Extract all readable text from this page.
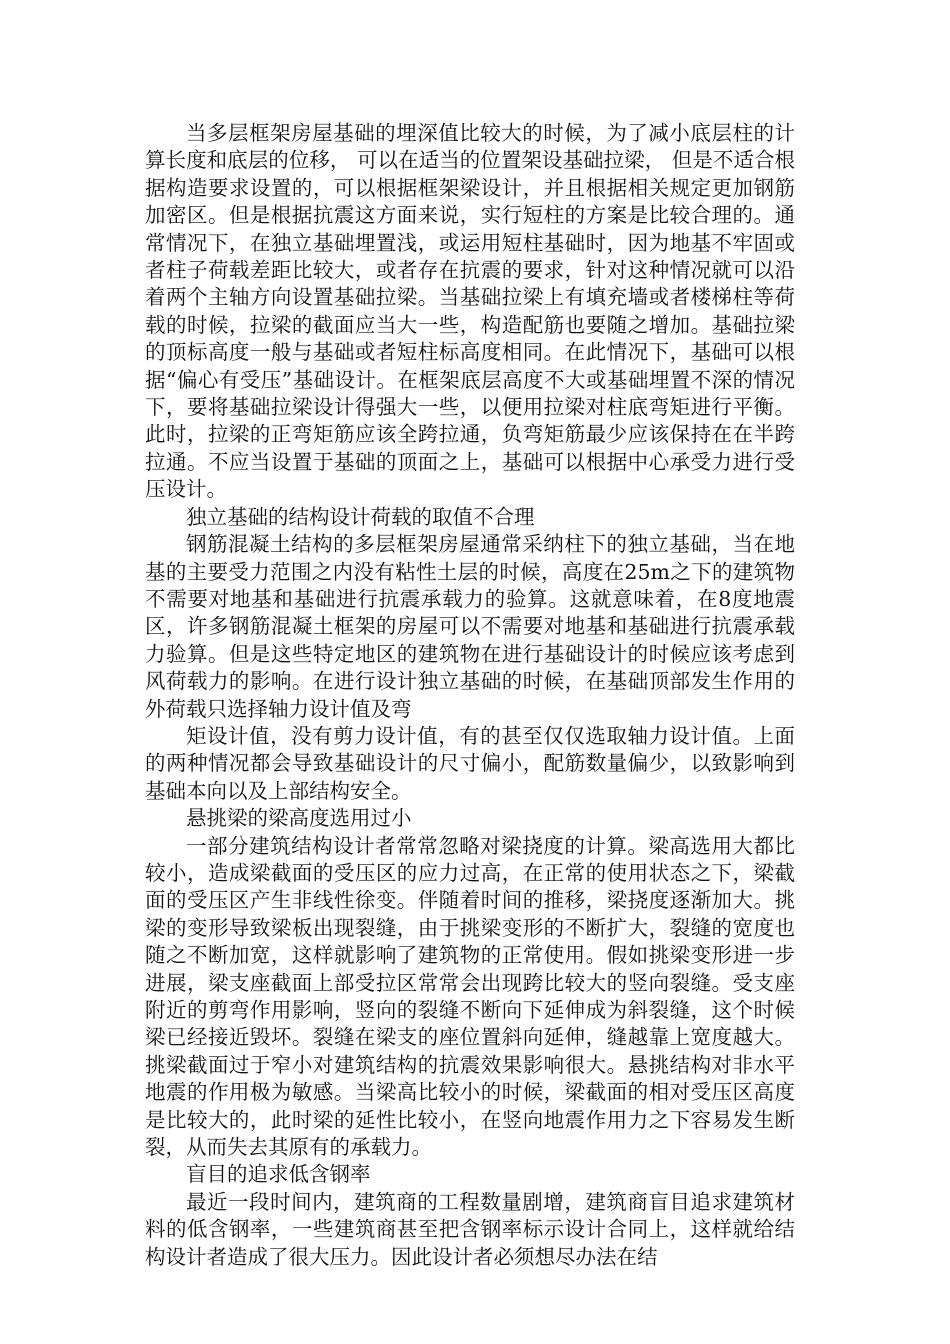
当多层框架房屋基础的埋深值比较大的时候，为了减小底层柱的计算长度和底层的位移， 可以在适当的位置架设基础拉梁， 但是不适合根据构造要求设置的，可以根据框架梁设计，并且根据相关规定更加钢筋加密区。但是根据抗震这方面来说，实行短柱的方案是比较合理的。通常情况下，在独立基础埋置浅，或运用短柱基础时，因为地基不牢固或者柱子荷载差距比较大，或者存在抗震的要求，针对这种情况就可以沿着两个主轴方向设置基础拉梁。当基础拉梁上有填充墙或者楼梯柱等荷载的时候，拉梁的截面应当大一些，构造配筋也要随之增加。基础拉梁的顶标高度一般与基础或者短柱标高度相同。在此情况下，基础可以根据“偏心有受压”基础设计。在框架底层高度不大或基础埋置不深的情况下，要将基础拉梁设计得强大一些，以便用拉梁对柱底弯矩进行平衡。此时，拉梁的正弯矩筋应该全跨拉通，负弯矩筋最少应该保持在在半跨拉通。不应当设置于基础的顶面之上，基础可以根据中心承受力进行受压设计。

独立基础的结构设计荷载的取值不合理

钢筋混凝土结构的多层框架房屋通常采纳柱下的独立基础，当在地基的主要受力范围之内没有粘性土层的时候，高度在25m之下的建筑物不需要对地基和基础进行抗震承载力的验算。这就意味着，在8度地震区，许多钢筋混凝土框架的房屋可以不需要对地基和基础进行抗震承载力验算。但是这些特定地区的建筑物在进行基础设计的时候应该考虑到风荷载力的影响。在进行设计独立基础的时候，在基础顶部发生作用的外荷载只选择轴力设计值及弯

矩设计值，没有剪力设计值，有的甚至仅仅选取轴力设计值。上面的两种情况都会导致基础设计的尺寸偏小，配筋数量偏少，以致影响到基础本向以及上部结构安全。

悬挑梁的梁高度选用过小

一部分建筑结构设计者常常忽略对梁挠度的计算。梁高选用大都比较小，造成梁截面的受压区的应力过高，在正常的使用状态之下，梁截面的受压区产生非线性徐变。伴随着时间的推移，梁挠度逐渐加大。挑梁的变形导致梁板出现裂缝，由于挑梁变形的不断扩大，裂缝的宽度也随之不断加宽，这样就影响了建筑物的正常使用。假如挑梁变形进一步进展，梁支座截面上部受拉区常常会出现跨比较大的竖向裂缝。受支座附近的剪弯作用影响，竖向的裂缝不断向下延伸成为斜裂缝，这个时候梁已经接近毁坏。裂缝在梁支的座位置斜向延伸，缝越靠上宽度越大。挑梁截面过于窄小对建筑结构的抗震效果影响很大。悬挑结构对非水平地震的作用极为敏感。当梁高比较小的时候，梁截面的相对受压区高度是比较大的，此时梁的延性比较小，在竖向地震作用力之下容易发生断裂，从而失去其原有的承载力。

盲目的追求低含钢率

最近一段时间内，建筑商的工程数量剧增，建筑商盲目追求建筑材料的低含钢率，一些建筑商甚至把含钢率标示设计合同上，这样就给结构设计者造成了很大压力。因此设计者必须想尽办法在结
